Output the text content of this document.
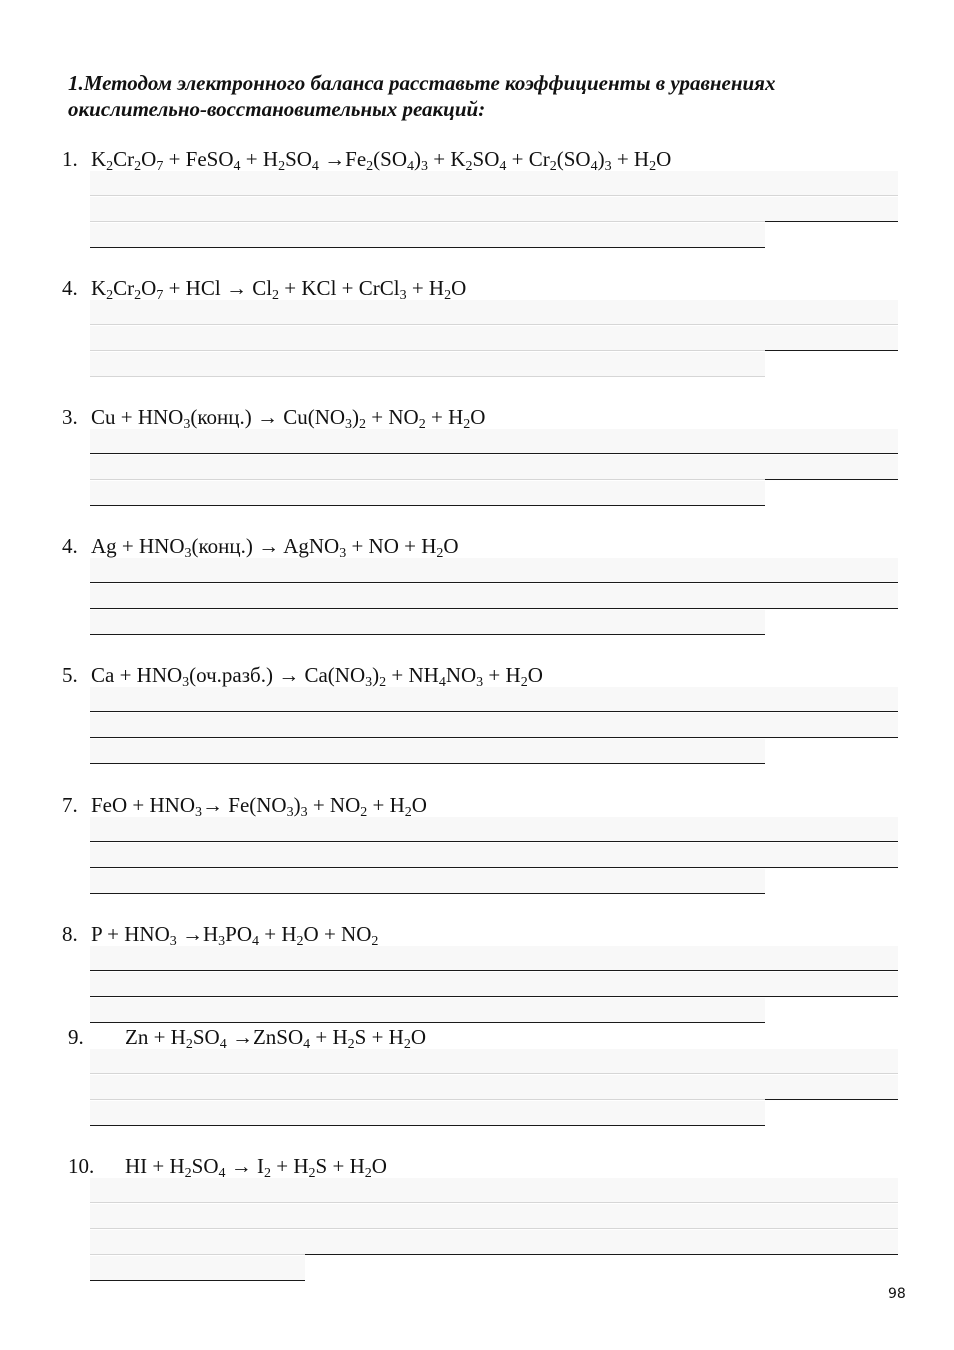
1.Методом электронного баланса расставьте коэффициенты в уравнениях
окислительно-восстановительных реакций:
1. $K_2Cr_2O_7$ + FeSO$_4$ + $H_2SO_4 \to Fe_2(SO_4)_3 + K_2SO_4 + Cr_2(SO_4)_3 + H_2O$
4. $K_2Cr_2O_7$ + HCl → $Cl_2$ + KCl + CrCl$_3$ + $H_2O$
3. $Cu + HNO_3(конц.) \to Cu(NO_3)_2 + NO_2 + H_2O$
4. $Ag + HNO_3(конц.)$ → AgNO$_3$ + NO + $H_2O$
5. $Ca + HNO_3(оч.разб.) \to Ca(NO_3)_2 + NH_4NO_3 + H_2O$
7. FeO + $HNO_3\to Fe(NO_3)_3 + NO_2 + H_2O$
8. $P + HNO_3 \to H_3PO_4 + H_2O + NO_2$
9. $Zn + H_2SO_4$ →ZnSO$_4$ + $H_2S + H_2O$
10. HI + $H_2SO_4 \to I_2 + H_2S + H_2O$
98
